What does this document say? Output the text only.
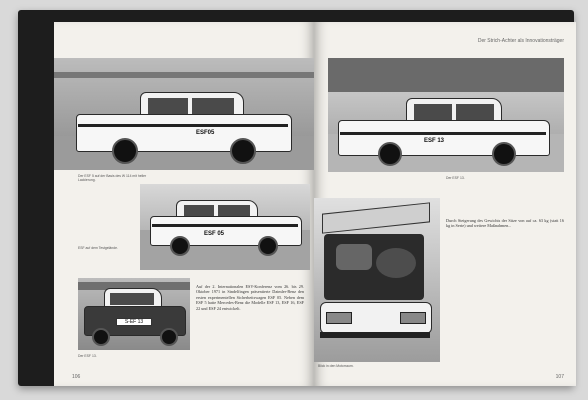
ESF05
Der ESF 5 auf der Basis des W 114 mit heller Lackierung.
ESF 05
ESF auf dem Testgelände.
S-EF 13
Der ESF 13.
Auf der 2. Internationalen ESV-Konferenz vom 26. bis 29. Oktober 1971 in Sindelfingen präsentierte Daimler-Benz den ersten experimentellen Sicherheitswagen ESF 05. Neben dem ESF 5 hatte Mercedes-Benz die Modelle ESF 13, ESF 16, ESF 22 und ESF 24 entwickelt.
106
Der Strich-Achter als Innovationsträger
ESF 13
Der ESF 13.
Blick in den Motorraum.
Durch Steigerung des Gewichts der Sitze von auf ca. 63 kg (statt 16 kg in Serie) und weitere Maßnahmen...
107
